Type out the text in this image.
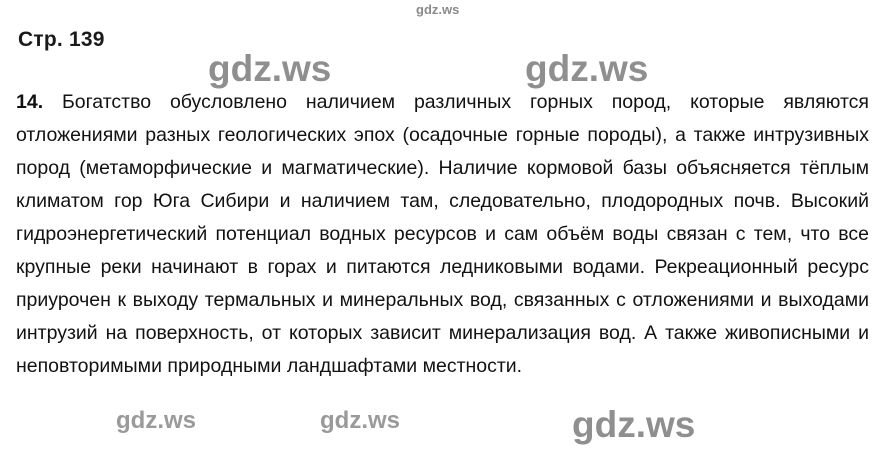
Стр. 139

14. Богатство обусловлено наличием различных горных пород, которые являются отложениями разных геологических эпох (осадочные горные породы), а также интрузивных пород (метаморфические и магматические). Наличие кормовой базы объясняется тёплым климатом гор Юга Сибири и наличием там, следовательно, плодородных почв. Высокий гидроэнергетический потенциал водных ресурсов и сам объём воды связан с тем, что все крупные реки начинают в горах и питаются ледниковыми водами. Рекреационный ресурс приурочен к выходу термальных и минеральных вод, связанных с отложениями и выходами интрузий на поверхность, от которых зависит минерализация вод. А также живописными и неповторимыми природными ландшафтами местности.

gdz.ws
gdz.ws	gdz.ws
gdz.ws	gdz.ws	gdz.ws
